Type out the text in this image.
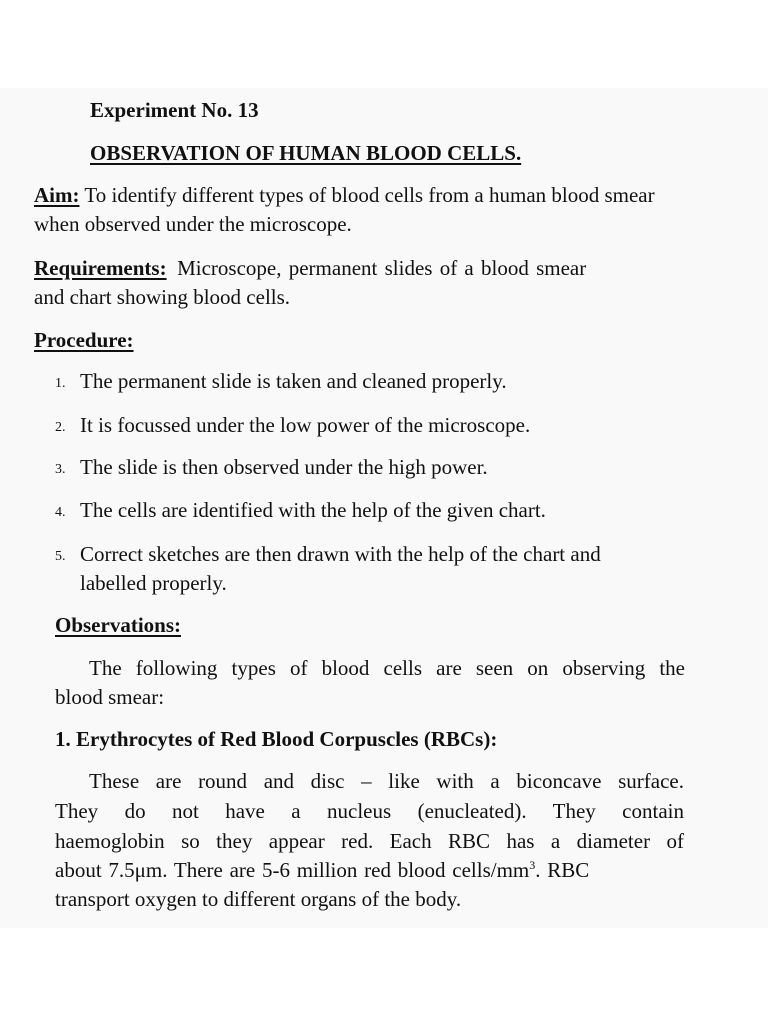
Experiment No. 13

OBSERVATION OF HUMAN BLOOD CELLS.

Aim: To identify different types of blood cells from a human blood smear

when observed under the microscope.

Requirements: Microscope, permanent slides of a blood smear

and chart showing blood cells.

Procedure:

1. The permanent slide is taken and cleaned properly.

2. It is focussed under the low power of the microscope.

3. The slide is then observed under the high power.

4. The cells are identified with the help of the given chart.

5. Correct sketches are then drawn with the help of the chart and

labelled properly.

Observations:

The following types of blood cells are seen on observing the

blood smear:

1. Erythrocytes of Red Blood Corpuscles (RBCs):

These are round and disc – like with a biconcave surface.

They do not have a nucleus (enucleated). They contain

haemoglobin so they appear red. Each RBC has a diameter of

about 7.5μm. There are 5-6 million red blood cells/$mm^3$. RBC

transport oxygen to different organs of the body.
